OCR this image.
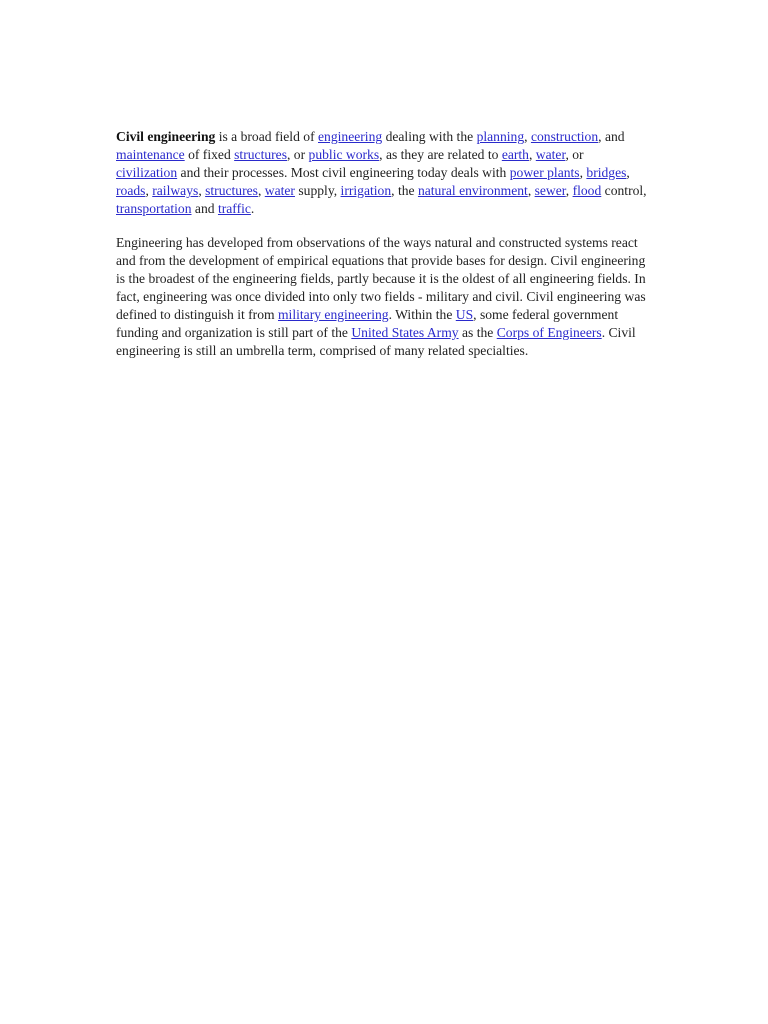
Civil engineering is a broad field of engineering dealing with the planning, construction, and maintenance of fixed structures, or public works, as they are related to earth, water, or civilization and their processes. Most civil engineering today deals with power plants, bridges, roads, railways, structures, water supply, irrigation, the natural environment, sewer, flood control, transportation and traffic.

Engineering has developed from observations of the ways natural and constructed systems react and from the development of empirical equations that provide bases for design. Civil engineering is the broadest of the engineering fields, partly because it is the oldest of all engineering fields. In fact, engineering was once divided into only two fields - military and civil. Civil engineering was defined to distinguish it from military engineering. Within the US, some federal government funding and organization is still part of the United States Army as the Corps of Engineers. Civil engineering is still an umbrella term, comprised of many related specialties.
